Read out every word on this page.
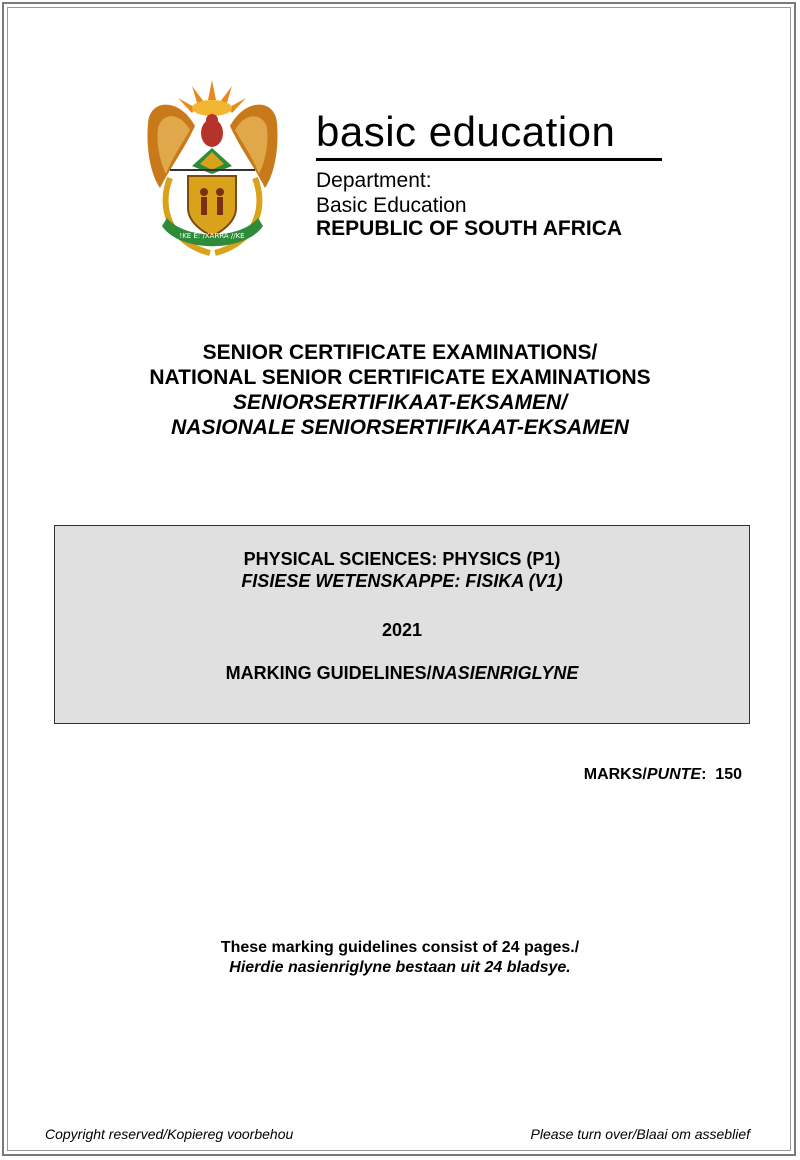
!KE E: /XARRA //KE
basic education
Department:
Basic Education
REPUBLIC OF SOUTH AFRICA
SENIOR CERTIFICATE EXAMINATIONS/
NATIONAL SENIOR CERTIFICATE EXAMINATIONS
SENIORSERTIFIKAAT-EKSAMEN/
NASIONALE SENIORSERTIFIKAAT-EKSAMEN
PHYSICAL SCIENCES: PHYSICS (P1)
FISIESE WETENSKAPPE: FISIKA (V1)
2021
MARKING GUIDELINES/NASIENRIGLYNE
MARKS/PUNTE:  150
These marking guidelines consist of 24 pages./
Hierdie nasienriglyne bestaan uit 24 bladsye.
Copyright reserved/Kopiereg voorbehou	Please turn over/Blaai om asseblief
